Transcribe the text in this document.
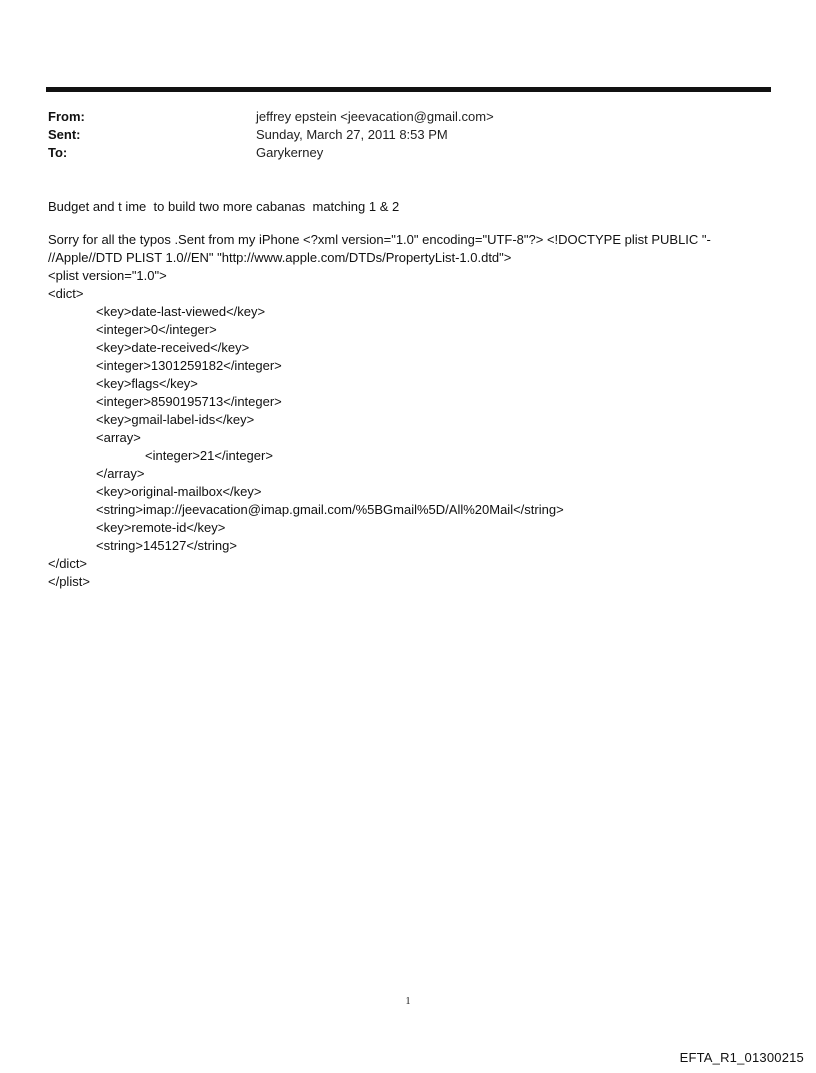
From:	jeffrey epstein <jeevacation@gmail.com>
Sent:	Sunday, March 27, 2011 8:53 PM
To:	Garykerney
Budget and t ime  to build two more cabanas  matching 1 & 2
Sorry for all the typos .Sent from my iPhone <?xml version="1.0" encoding="UTF-8"?> <!DOCTYPE plist PUBLIC "-
//Apple//DTD PLIST 1.0//EN" "http://www.apple.com/DTDs/PropertyList-1.0.dtd">
<plist version="1.0">
<dict>
<key>date-last-viewed</key>
<integer>0</integer>
<key>date-received</key>
<integer>1301259182</integer>
<key>flags</key>
<integer>8590195713</integer>
<key>gmail-label-ids</key>
<array>
<integer>21</integer>
</array>
<key>original-mailbox</key>
<string>imap://jeevacation@imap.gmail.com/%5BGmail%5D/All%20Mail</string>
<key>remote-id</key>
<string>145127</string>
</dict>
</plist>
1
EFTA_R1_01300215
